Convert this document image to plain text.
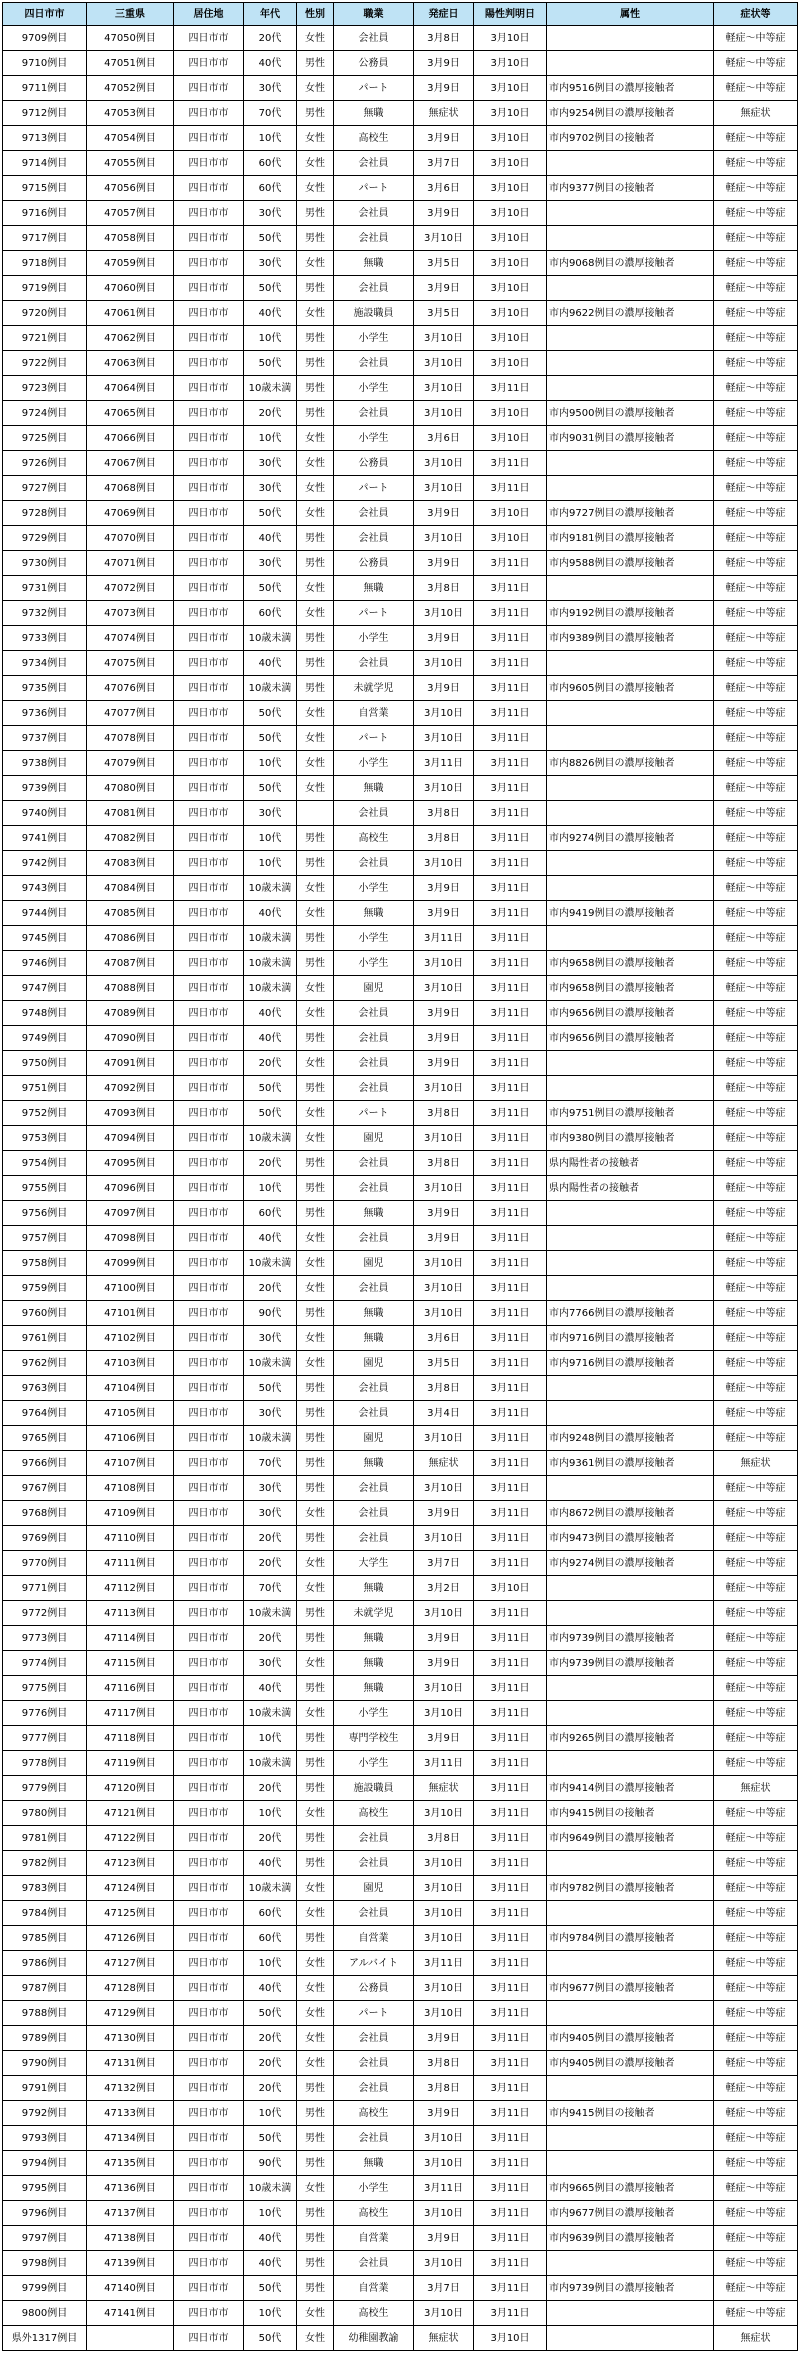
四日市市	三重県	居住地	年代	性別	職業	発症日	陽性判明日	属性	症状等
9709例目	47050例目	四日市市	20代	女性	会社員	3月8日	3月10日		軽症～中等症
9710例目	47051例目	四日市市	40代	男性	公務員	3月9日	3月10日		軽症～中等症
9711例目	47052例目	四日市市	30代	女性	パート	3月9日	3月10日	市内9516例目の濃厚接触者	軽症～中等症
9712例目	47053例目	四日市市	70代	男性	無職	無症状	3月10日	市内9254例目の濃厚接触者	無症状
9713例目	47054例目	四日市市	10代	女性	高校生	3月9日	3月10日	市内9702例目の接触者	軽症～中等症
9714例目	47055例目	四日市市	60代	女性	会社員	3月7日	3月10日		軽症～中等症
9715例目	47056例目	四日市市	60代	女性	パート	3月6日	3月10日	市内9377例目の接触者	軽症～中等症
9716例目	47057例目	四日市市	30代	男性	会社員	3月9日	3月10日		軽症～中等症
9717例目	47058例目	四日市市	50代	男性	会社員	3月10日	3月10日		軽症～中等症
9718例目	47059例目	四日市市	30代	女性	無職	3月5日	3月10日	市内9068例目の濃厚接触者	軽症～中等症
9719例目	47060例目	四日市市	50代	男性	会社員	3月9日	3月10日		軽症～中等症
9720例目	47061例目	四日市市	40代	女性	施設職員	3月5日	3月10日	市内9622例目の濃厚接触者	軽症～中等症
9721例目	47062例目	四日市市	10代	男性	小学生	3月10日	3月10日		軽症～中等症
9722例目	47063例目	四日市市	50代	男性	会社員	3月10日	3月10日		軽症～中等症
9723例目	47064例目	四日市市	10歳未満	男性	小学生	3月10日	3月11日		軽症～中等症
9724例目	47065例目	四日市市	20代	男性	会社員	3月10日	3月10日	市内9500例目の濃厚接触者	軽症～中等症
9725例目	47066例目	四日市市	10代	女性	小学生	3月6日	3月10日	市内9031例目の濃厚接触者	軽症～中等症
9726例目	47067例目	四日市市	30代	女性	公務員	3月10日	3月11日		軽症～中等症
9727例目	47068例目	四日市市	30代	女性	パート	3月10日	3月11日		軽症～中等症
9728例目	47069例目	四日市市	50代	女性	会社員	3月9日	3月10日	市内9727例目の濃厚接触者	軽症～中等症
9729例目	47070例目	四日市市	40代	男性	会社員	3月10日	3月10日	市内9181例目の濃厚接触者	軽症～中等症
9730例目	47071例目	四日市市	30代	男性	公務員	3月9日	3月11日	市内9588例目の濃厚接触者	軽症～中等症
9731例目	47072例目	四日市市	50代	女性	無職	3月8日	3月11日		軽症～中等症
9732例目	47073例目	四日市市	60代	女性	パート	3月10日	3月11日	市内9192例目の濃厚接触者	軽症～中等症
9733例目	47074例目	四日市市	10歳未満	男性	小学生	3月9日	3月11日	市内9389例目の濃厚接触者	軽症～中等症
9734例目	47075例目	四日市市	40代	男性	会社員	3月10日	3月11日		軽症～中等症
9735例目	47076例目	四日市市	10歳未満	男性	未就学児	3月9日	3月11日	市内9605例目の濃厚接触者	軽症～中等症
9736例目	47077例目	四日市市	50代	女性	自営業	3月10日	3月11日		軽症～中等症
9737例目	47078例目	四日市市	50代	女性	パート	3月10日	3月11日		軽症～中等症
9738例目	47079例目	四日市市	10代	女性	小学生	3月11日	3月11日	市内8826例目の濃厚接触者	軽症～中等症
9739例目	47080例目	四日市市	50代	女性	無職	3月10日	3月11日		軽症～中等症
9740例目	47081例目	四日市市	30代		会社員	3月8日	3月11日		軽症～中等症
9741例目	47082例目	四日市市	10代	男性	高校生	3月8日	3月11日	市内9274例目の濃厚接触者	軽症～中等症
9742例目	47083例目	四日市市	10代	男性	会社員	3月10日	3月11日		軽症～中等症
9743例目	47084例目	四日市市	10歳未満	女性	小学生	3月9日	3月11日		軽症～中等症
9744例目	47085例目	四日市市	40代	女性	無職	3月9日	3月11日	市内9419例目の濃厚接触者	軽症～中等症
9745例目	47086例目	四日市市	10歳未満	男性	小学生	3月11日	3月11日		軽症～中等症
9746例目	47087例目	四日市市	10歳未満	男性	小学生	3月10日	3月11日	市内9658例目の濃厚接触者	軽症～中等症
9747例目	47088例目	四日市市	10歳未満	女性	園児	3月10日	3月11日	市内9658例目の濃厚接触者	軽症～中等症
9748例目	47089例目	四日市市	40代	女性	会社員	3月9日	3月11日	市内9656例目の濃厚接触者	軽症～中等症
9749例目	47090例目	四日市市	40代	男性	会社員	3月9日	3月11日	市内9656例目の濃厚接触者	軽症～中等症
9750例目	47091例目	四日市市	20代	女性	会社員	3月9日	3月11日		軽症～中等症
9751例目	47092例目	四日市市	50代	男性	会社員	3月10日	3月11日		軽症～中等症
9752例目	47093例目	四日市市	50代	女性	パート	3月8日	3月11日	市内9751例目の濃厚接触者	軽症～中等症
9753例目	47094例目	四日市市	10歳未満	女性	園児	3月10日	3月11日	市内9380例目の濃厚接触者	軽症～中等症
9754例目	47095例目	四日市市	20代	男性	会社員	3月8日	3月11日	県内陽性者の接触者	軽症～中等症
9755例目	47096例目	四日市市	10代	男性	会社員	3月10日	3月11日	県内陽性者の接触者	軽症～中等症
9756例目	47097例目	四日市市	60代	男性	無職	3月9日	3月11日		軽症～中等症
9757例目	47098例目	四日市市	40代	女性	会社員	3月9日	3月11日		軽症～中等症
9758例目	47099例目	四日市市	10歳未満	女性	園児	3月10日	3月11日		軽症～中等症
9759例目	47100例目	四日市市	20代	女性	会社員	3月10日	3月11日		軽症～中等症
9760例目	47101例目	四日市市	90代	男性	無職	3月10日	3月11日	市内7766例目の濃厚接触者	軽症～中等症
9761例目	47102例目	四日市市	30代	女性	無職	3月6日	3月11日	市内9716例目の濃厚接触者	軽症～中等症
9762例目	47103例目	四日市市	10歳未満	女性	園児	3月5日	3月11日	市内9716例目の濃厚接触者	軽症～中等症
9763例目	47104例目	四日市市	50代	男性	会社員	3月8日	3月11日		軽症～中等症
9764例目	47105例目	四日市市	30代	男性	会社員	3月4日	3月11日		軽症～中等症
9765例目	47106例目	四日市市	10歳未満	男性	園児	3月10日	3月11日	市内9248例目の濃厚接触者	軽症～中等症
9766例目	47107例目	四日市市	70代	男性	無職	無症状	3月11日	市内9361例目の濃厚接触者	無症状
9767例目	47108例目	四日市市	30代	男性	会社員	3月10日	3月11日		軽症～中等症
9768例目	47109例目	四日市市	30代	女性	会社員	3月9日	3月11日	市内8672例目の濃厚接触者	軽症～中等症
9769例目	47110例目	四日市市	20代	男性	会社員	3月10日	3月11日	市内9473例目の濃厚接触者	軽症～中等症
9770例目	47111例目	四日市市	20代	女性	大学生	3月7日	3月11日	市内9274例目の濃厚接触者	軽症～中等症
9771例目	47112例目	四日市市	70代	女性	無職	3月2日	3月10日		軽症～中等症
9772例目	47113例目	四日市市	10歳未満	男性	未就学児	3月10日	3月11日		軽症～中等症
9773例目	47114例目	四日市市	20代	男性	無職	3月9日	3月11日	市内9739例目の濃厚接触者	軽症～中等症
9774例目	47115例目	四日市市	30代	女性	無職	3月9日	3月11日	市内9739例目の濃厚接触者	軽症～中等症
9775例目	47116例目	四日市市	40代	男性	無職	3月10日	3月11日		軽症～中等症
9776例目	47117例目	四日市市	10歳未満	女性	小学生	3月10日	3月11日		軽症～中等症
9777例目	47118例目	四日市市	10代	男性	専門学校生	3月9日	3月11日	市内9265例目の濃厚接触者	軽症～中等症
9778例目	47119例目	四日市市	10歳未満	男性	小学生	3月11日	3月11日		軽症～中等症
9779例目	47120例目	四日市市	20代	男性	施設職員	無症状	3月11日	市内9414例目の濃厚接触者	無症状
9780例目	47121例目	四日市市	10代	女性	高校生	3月10日	3月11日	市内9415例目の接触者	軽症～中等症
9781例目	47122例目	四日市市	20代	男性	会社員	3月8日	3月11日	市内9649例目の濃厚接触者	軽症～中等症
9782例目	47123例目	四日市市	40代	男性	会社員	3月10日	3月11日		軽症～中等症
9783例目	47124例目	四日市市	10歳未満	女性	園児	3月10日	3月11日	市内9782例目の濃厚接触者	軽症～中等症
9784例目	47125例目	四日市市	60代	女性	会社員	3月10日	3月11日		軽症～中等症
9785例目	47126例目	四日市市	60代	男性	自営業	3月10日	3月11日	市内9784例目の濃厚接触者	軽症～中等症
9786例目	47127例目	四日市市	10代	女性	アルバイト	3月11日	3月11日		軽症～中等症
9787例目	47128例目	四日市市	40代	女性	公務員	3月10日	3月11日	市内9677例目の濃厚接触者	軽症～中等症
9788例目	47129例目	四日市市	50代	女性	パート	3月10日	3月11日		軽症～中等症
9789例目	47130例目	四日市市	20代	女性	会社員	3月9日	3月11日	市内9405例目の濃厚接触者	軽症～中等症
9790例目	47131例目	四日市市	20代	女性	会社員	3月8日	3月11日	市内9405例目の濃厚接触者	軽症～中等症
9791例目	47132例目	四日市市	20代	男性	会社員	3月8日	3月11日		軽症～中等症
9792例目	47133例目	四日市市	10代	男性	高校生	3月9日	3月11日	市内9415例目の接触者	軽症～中等症
9793例目	47134例目	四日市市	50代	男性	会社員	3月10日	3月11日		軽症～中等症
9794例目	47135例目	四日市市	90代	男性	無職	3月10日	3月11日		軽症～中等症
9795例目	47136例目	四日市市	10歳未満	女性	小学生	3月11日	3月11日	市内9665例目の濃厚接触者	軽症～中等症
9796例目	47137例目	四日市市	10代	男性	高校生	3月10日	3月11日	市内9677例目の濃厚接触者	軽症～中等症
9797例目	47138例目	四日市市	40代	男性	自営業	3月9日	3月11日	市内9639例目の濃厚接触者	軽症～中等症
9798例目	47139例目	四日市市	40代	男性	会社員	3月10日	3月11日		軽症～中等症
9799例目	47140例目	四日市市	50代	男性	自営業	3月7日	3月11日	市内9739例目の濃厚接触者	軽症～中等症
9800例目	47141例目	四日市市	10代	女性	高校生	3月10日	3月11日		軽症～中等症
県外1317例目		四日市市	50代	女性	幼稚園教諭	無症状	3月10日		無症状
